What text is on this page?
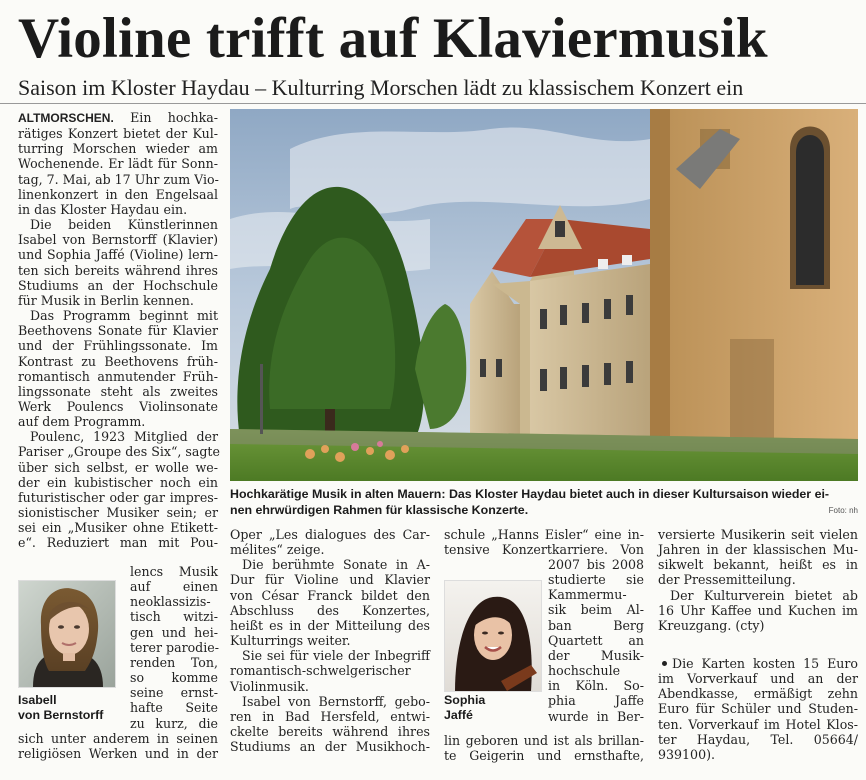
Violine trifft auf Klaviermusik
Saison im Kloster Haydau – Kulturring Morschen lädt zu klassischem Konzert ein
ALTMORSCHEN. Ein hochka-
rätiges Konzert bietet der Kul-
turring Morschen wieder am
Wochenende. Er lädt für Sonn-
tag, 7. Mai, ab 17 Uhr zum Vio-
linenkonzert in den Engelsaal
in das Kloster Haydau ein.
Die beiden Künstlerinnen
Isabel von Bernstorff (Klavier)
und Sophia Jaffé (Violine) lern-
ten sich bereits während ihres
Studiums an der Hochschule
für Musik in Berlin kennen.
Das Programm beginnt mit
Beethovens Sonate für Klavier
und der Frühlingssonate. Im
Kontrast zu Beethovens früh-
romantisch anmutender Früh-
lingssonate steht als zweites
Werk Poulencs Violinsonate
auf dem Programm.
Poulenc, 1923 Mitglied der
Pariser „Groupe des Six“, sagte
über sich selbst, er wolle we-
der ein kubistischer noch ein
futuristischer oder gar impres-
sionistischer Musiker sein; er
sei ein „Musiker ohne Etikett-
e“. Reduziert man mit Pou-
lencs Musik
auf einen
neoklassizis-
tisch witzi-
gen und hei-
terer parodie-
renden Ton,
so komme
seine ernst-
hafte Seite
zu kurz, die
sich unter anderem in seinen
religiösen Werken und in der
Isabell
von Bernstorff
Hochkarätige Musik in alten Mauern: Das Kloster Haydau bietet auch in dieser Kultursaison wieder ei-
nen ehrwürdigen Rahmen für klassische Konzerte.	Foto: nh
Oper „Les dialogues des Car-
mélites“ zeige.
Die berühmte Sonate in A-
Dur für Violine und Klavier
von César Franck bildet den
Abschluss des Konzertes,
heißt es in der Mitteilung des
Kulturrings weiter.
Sie sei für viele der Inbegriff
romantisch-schwelgerischer
Violinmusik.
Isabel von Bernstorff, gebo-
ren in Bad Hersfeld, entwi-
ckelte bereits während ihres
Studiums an der Musikhoch-
schule „Hanns Eisler“ eine in-
tensive Konzertkarriere. Von
2007 bis 2008
studierte sie
Kammermu-
sik beim Al-
ban Berg
Quartett an
der Musik-
hochschule
in Köln. So-
phia Jaffe
wurde in Ber-
lin geboren und ist als brillan-
te Geigerin und ernsthafte,
Sophia
Jaffé
versierte Musikerin seit vielen
Jahren in der klassischen Mu-
sikwelt bekannt, heißt es in
der Pressemitteilung.
Der Kulturverein bietet ab
16 Uhr Kaffee und Kuchen im
Kreuzgang. (cty)
Die Karten kosten 15 Euro
im Vorverkauf und an der
Abendkasse, ermäßigt zehn
Euro für Schüler und Studen-
ten. Vorverkauf im Hotel Klos-
ter Haydau, Tel. 05664/
939100).
